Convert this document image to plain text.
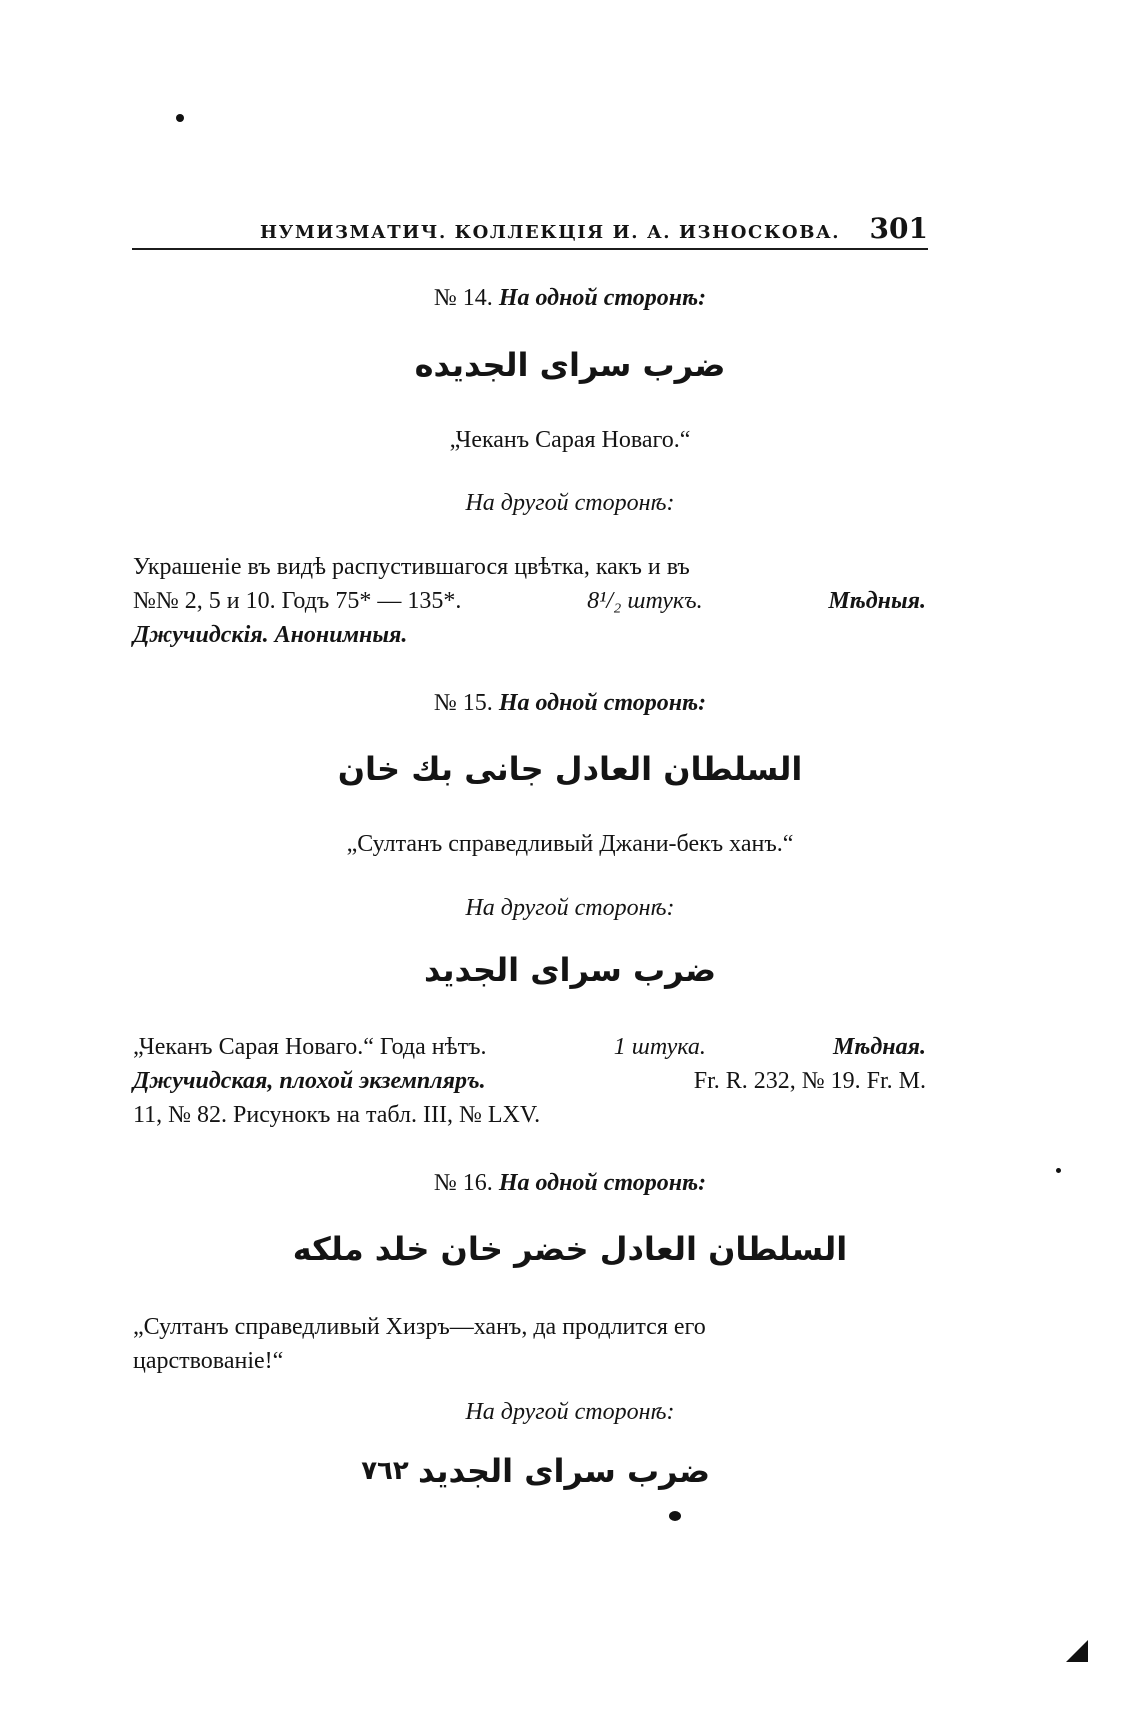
НУМИЗМАТИЧ. КОЛЛЕКЦІЯ И. А. ИЗНОСКОВА. 301
№ 14. На одной сторонѣ:
ضرب سراى الجديده
„Чеканъ Сарая Новаго.“
На другой сторонѣ:
Украшеніе въ видѣ распустившагося цвѣтка, какъ и въ
№№ 2, 5 и 10. Годъ 75* — 135*.	8¹/₂ штукъ.	Мѣдныя.
Джучидскія. Анонимныя.
№ 15. На одной сторонѣ:
السلطان العادل جانى بك خان
„Султанъ справедливый Джани-бекъ ханъ.“
На другой сторонѣ:
ضرب سراى الجديد
„Чеканъ Сарая Новаго.“ Года нѣтъ.	1 штука.	Мѣдная.
Джучидская, плохой экземпляръ.	Fr. R. 232, № 19. Fr. M.
11, № 82. Рисунокъ на табл. III, № LXV.
№ 16. На одной сторонѣ:
السلطان العادل خضر خان خلد ملكه
„Султанъ справедливый Хизръ—ханъ, да продлится его
царствованіе!“
На другой сторонѣ:
ضرب سراى الجديد
٧٦٢
